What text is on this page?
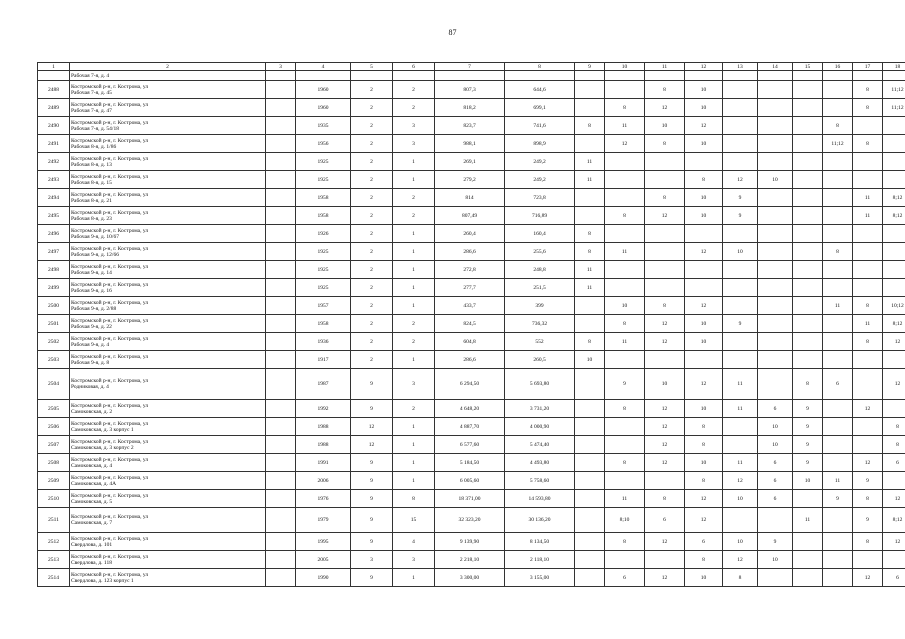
87
1	2	3	4	5	6	7	8	9	10	11	12	13	14	15	16	17	18
	Рабочая 7-я, д. 4																
2488	Костромской р-н, г. Кострома, ул
Рабочая 7-я, д. 45		1960	2	2	807,3	644,6			8	10					8	11;12
2489	Костромской р-н, г. Кострома, ул
Рабочая 7-я, д. 47		1960	2	2	818,2	699,1		8	12	10					8	11;12
2490	Костромской р-н, г. Кострома, ул
Рабочая 7-я, д. 54/18		1935	2	3	823,7	741,6	8	11	10	12				8		
2491	Костромской р-н, г. Кострома, ул
Рабочая 8-я, д. 1/86		1956	2	3	988,1	898,9		12	8	10				11;12	8	
2492	Костромской р-н, г. Кострома, ул
Рабочая 8-я, д. 13		1925	2	1	269,1	249,2	11									
2493	Костромской р-н, г. Кострома, ул
Рабочая 8-я, д. 15		1925	2	1	279,2	249,2	11			8	12	10				
2494	Костромской р-н, г. Кострома, ул
Рабочая 8-я, д. 21		1958	2	2	814	723,8			8	10	9				11	8;12
2495	Костромской р-н, г. Кострома, ул
Рабочая 8-я, д. 23		1958	2	2	807,49	716,89		8	12	10	9				11	8;12
2496	Костромской р-н, г. Кострома, ул
Рабочая 9-я, д. 10/67		1926	2	1	260,4	160,4	8									
2497	Костромской р-н, г. Кострома, ул
Рабочая 9-я, д. 12/66		1925	2	1	286,6	255,6	8	11		12	10			8		
2498	Костромской р-н, г. Кострома, ул
Рабочая 9-я, д. 14		1925	2	1	272,8	248,8	11									
2499	Костромской р-н, г. Кострома, ул
Рабочая 9-я, д. 16		1925	2	1	277,7	251,5	11									
2500	Костромской р-н, г. Кострома, ул
Рабочая 9-я, д. 2/88		1957	2	1	433,7	399		10	8	12				11	8	10;12
2501	Костромской р-н, г. Кострома, ул
Рабочая 9-я, д. 22		1958	2	2	824,5	736,32		8	12	10	9				11	8;12
2502	Костромской р-н, г. Кострома, ул
Рабочая 9-я, д. 4		1936	2	2	604,8	552	8	11	12	10					8	12
2503	Костромской р-н, г. Кострома, ул
Рабочая 9-я, д. 8		1917	2	1	286,6	260,5	10									
2504	Костромской р-н, г. Кострома, ул
Родниковая, д. 4		1987	9	3	6 294,50	5 693,80		9	10	12	11		8	6		12
2505	Костромской р-н, г. Кострома, ул
Самоковская, д. 2		1992	9	2	4 648,20	3 731,20		8	12	10	11	6	9		12	
2506	Костромской р-н, г. Кострома, ул
Самоковская, д. 3 корпус 1		1988	12	1	4 887,70	4 000,90			12	8		10	9			8
2507	Костромской р-н, г. Кострома, ул
Самоковская, д. 3 корпус 2		1988	12	1	6 577,60	5 474,40			12	8		10	9			8
2508	Костромской р-н, г. Кострома, ул
Самоковская, д. 4		1991	9	1	5 184,50	4 493,80		8	12	10	11	6	9		12	6
2509	Костромской р-н, г. Кострома, ул
Самоковская, д. 4А		2006	9	1	6 005,60	5 758,60				8	12	6	10	11	9	
2510	Костромской р-н, г. Кострома, ул
Самоковская, д. 5		1976	9	8	18 371,00	14 593,80		11	8	12	10	6		9	8	12
2511	Костромской р-н, г. Кострома, ул
Самоковская, д. 7		1979	9	15	32 323,20	30 136,20		8;10	6	12			11		9	8;12
2512	Костромской р-н, г. Кострома, ул
Свердлова, д. 101		1995	9	4	9 139,90	8 134,50		8	12	6	10	9			8	12
2513	Костромской р-н, г. Кострома, ул
Свердлова, д. 118		2005	3	3	2 218,10	2 118,10				8	12	10				
2514	Костромской р-н, г. Кострома, ул
Свердлова, д. 123 корпус 1		1990	9	1	3 300,00	3 155,00		6	12	10	8				12	6
